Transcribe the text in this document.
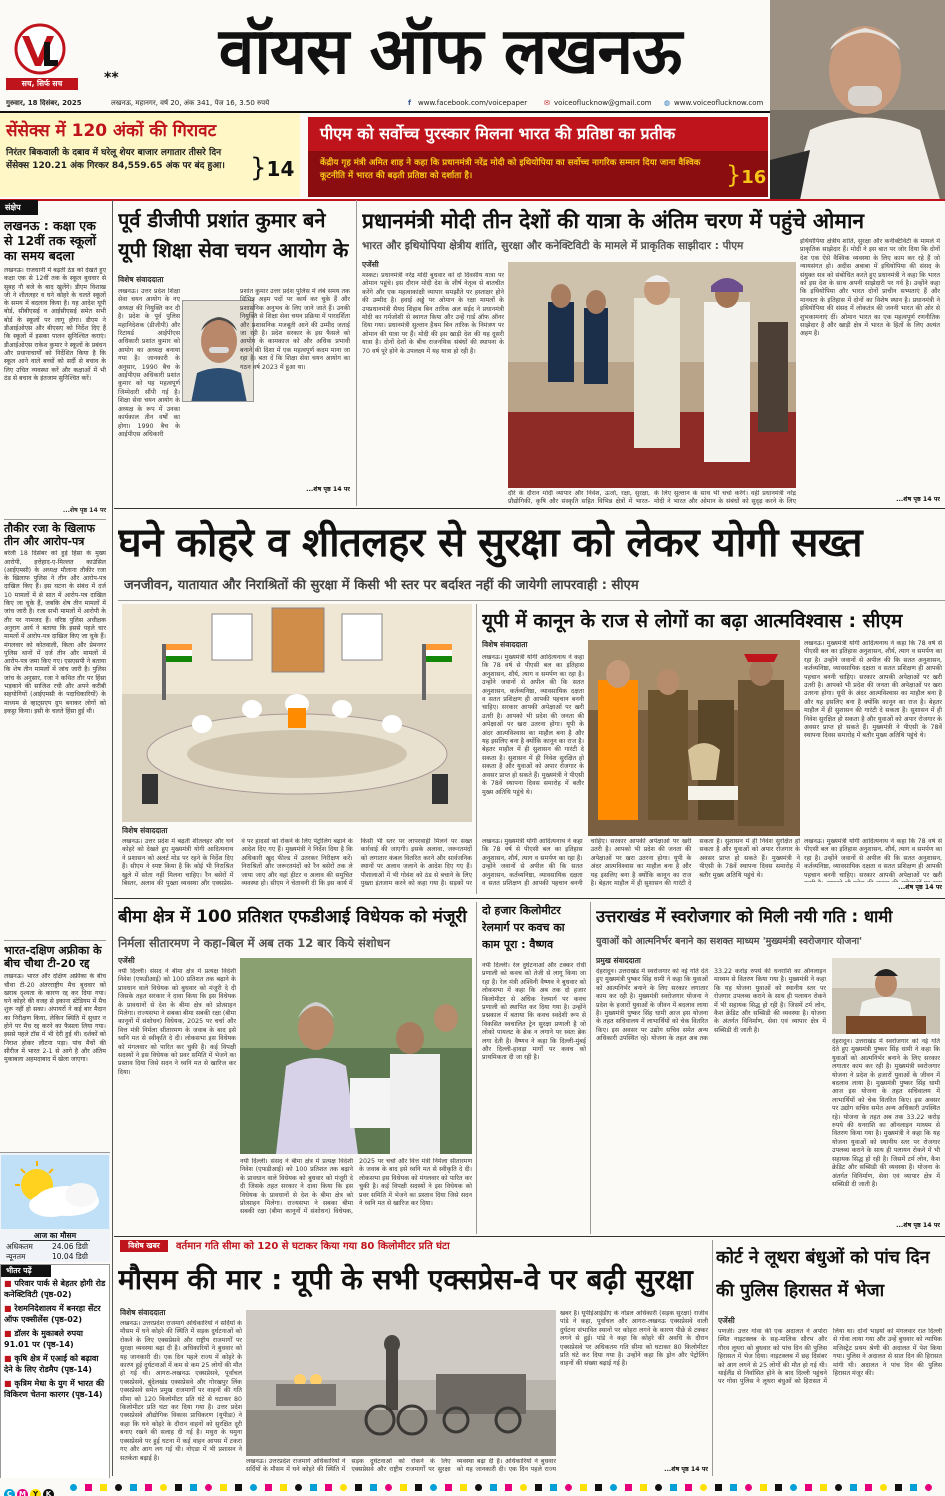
सच, सिर्फ सच	**	वॉयस ऑफ लखनऊ
गुरुवार, 18 दिसंबर, 2025	लखनऊ, महानगर, वर्ष 20, अंक 341, पेज 16, 3.50 रुपये	f www.facebook.com/voicepaper ✉ voiceoflucknow@gmail.com ◍ www.voiceoflucknow.com
सेंसेक्स में 120 अंकों की गिरावट
निरंतर बिकवाली के दबाव में घरेलू शेयर बाजार लगातार तीसरे दिन सेंसेक्स 120.21 अंक गिरकर 84,559.65 अंक पर बंद हुआ। }14
पीएम को सर्वोच्च पुरस्कार मिलना भारत की प्रतिष्ठा का प्रतीक
केंद्रीय गृह मंत्री अमित शाह ने कहा कि प्रधानमंत्री नरेंद्र मोदी को इथियोपिया का सर्वोच्च नागरिक सम्मान दिया जाना वैश्विक कूटनीति में भारत की बढ़ती प्रतिष्ठा को दर्शाता है।	}16
संक्षेप
लखनऊ : कक्षा एक से 12वीं तक स्कूलों का समय बदला
लखनऊ। राजधानी में बढ़ती ठंड को देखते हुए कक्षा एक से 12वीं तक के स्कूल बुधवार से सुबह नौ बजे के बाद खुलेंगे। डीएम विशाख जी ने शीतलहर व घने कोहरे के चलते स्कूलों के समय में बदलाव किया है। यह आदेश यूपी बोर्ड, सीबीएसई व आईसीएसई समेत सभी बोर्ड के स्कूलों पर लागू होगा। डीएम ने डीआईओएस और बीएसए को निर्देश दिए हैं कि स्कूलों में इसका पालन सुनिश्चित कराएं। डीआईओएस राकेश कुमार ने स्कूलों के प्रबंधन और प्रधानाचार्यों को निर्देशित किया है कि स्कूल आने वाले बच्चों को सर्दी से बचाव के लिए उचित व्यवस्था करें और कक्षाओं में भी ठंड से बचाव के इंतजाम सुनिश्चित करें।
...शेष पृष्ठ 14 पर
तौकीर रजा के खिलाफ तीन और आरोप-पत्र
बरेली 18 दिसंबर को हुई हिंसा के मुख्य आरोपी, इत्तेहाद-ए-मिल्लत काउंसिल (आईएमसी) के अध्यक्ष मौलाना तौकीर रजा के खिलाफ पुलिस ने तीन और आरोप-पत्र दाखिल किए हैं। इस घटना के संबंध में दर्ज 10 मामलों में से सात में आरोप-पत्र दाखिल किए जा चुके हैं, जबकि शेष तीन मामलों में जांच जारी है। रजा सभी मामलों में आरोपी के तौर पर नामजद हैं। वरिष्ठ पुलिस अधीक्षक अनुराग आर्य ने बताया कि इससे पहले चार मामलों में आरोप-पत्र दाखिल किए जा चुके हैं। मंगलवार को कोतवाली, किला और प्रेमनगर पुलिस थानों में दर्ज तीन और मामलों में आरोप-पत्र जमा किए गए। एसएसपी ने बताया कि शेष तीन मामलों में जांच जारी है। पुलिस जांच के अनुसार, रजा ने कथित तौर पर हिंसा भड़काने की साजिश रची और अपने करीबी सहयोगियों (आईएमसी के पदाधिकारियों) के माध्यम से व्हाट्सएप ग्रुप बनाकर लोगों को इकट्ठा किया। इसी के चलते हिंसा हुई थी।
भारत-दक्षिण अफ्रीका के बीच चौथा टी-20 रद्द
लखनऊ। भारत और दक्षिण अफ्रीका के बीच चौथा टी-20 अंतरराष्ट्रीय मैच बुधवार को खराब दृश्यता के कारण रद्द कर दिया गया। घने कोहरे की वजह से इकाना स्टेडियम में मैच शुरू नहीं हो सका। अंपायरों ने कई बार मैदान का निरीक्षण किया, लेकिन स्थिति में सुधार न होने पर मैच रद्द करने का फैसला लिया गया। इससे पहले टॉस में भी देरी हुई थी। दर्शकों को निराश होकर लौटना पड़ा। पांच मैचों की सीरीज में भारत 2-1 से आगे है और अंतिम मुकाबला अहमदाबाद में खेला जाएगा।
आज का मौसम
अधिकतम	24.06 डिग्री
न्यूनतम	10.04 डिग्री
भीतर पढ़ें
■ परिवार पार्क से बेहतर होगी रोड कनेक्टिविटी (पृष्ठ-02)
■ रेशमनिदेशालय में बनरहा सेंटर ऑफ एक्सीलेंस (पृष्ठ-02)
■ डॉलर के मुकाबले रुपया 91.01 पर (पृष्ठ-14)
■ कृषि क्षेत्र में एआई को बढ़ावा देने के लिए रोडमैप (पृष्ठ-14)
■ कृत्रिम मेधा के युग में भारत की विकिरण चेतना कारगर (पृष्ठ-14)
पूर्व डीजीपी प्रशांत कुमार बने यूपी शिक्षा सेवा चयन आयोग के
विशेष संवाददाता
लखनऊ। उत्तर प्रदेश शिक्षा सेवा चयन आयोग के नए अध्यक्ष की नियुक्ति कर दी है। प्रदेश के पूर्व पुलिस महानिदेशक (डीजीपी) और रिटायर्ड आईपीएस अधिकारी प्रशांत कुमार को आयोग का अध्यक्ष बनाया गया है। जानकारी के अनुसार, 1990 बैच के आईपीएस अधिकारी प्रशांत कुमार को यह महत्वपूर्ण जिम्मेदारी सौंपी गई है। शिक्षा सेवा चयन आयोग के अध्यक्ष के रूप में उनका कार्यकाल तीन वर्षों का होगा। 1990 बैच के आईपीएस अधिकारी
प्रशांत कुमार उत्तर प्रदेश पुलिस में लंबे समय तक विभिन्न अहम पदों पर कार्य कर चुके हैं और प्रशासनिक अनुभव के लिए जाने जाते हैं। उनकी नियुक्ति से शिक्षा सेवा चयन प्रक्रिया में पारदर्शिता और प्रशासनिक मजबूती आने की उम्मीद जताई जा रही है। प्रदेश सरकार के इस फैसले को आयोग के कामकाज को और अधिक प्रभावी बनाने की दिशा में एक महत्वपूर्ण कदम माना जा रहा है। बता दें कि शिक्षा सेवा चयन आयोग का गठन वर्ष 2023 में हुआ था।
...शेष पृष्ठ 14 पर
प्रधानमंत्री मोदी तीन देशों की यात्रा के अंतिम चरण में पहुंचे ओमान
भारत और इथियोपिया क्षेत्रीय शांति, सुरक्षा और कनेक्टिविटी के मामले में प्राकृतिक साझीदार : पीएम
एजेंसी
मस्कट। प्रधानमंत्री नरेंद्र मोदी बुधवार को दो दिवसीय यात्रा पर ओमान पहुंचे। इस दौरान मोदी देश के शीर्ष नेतृत्व से बातचीत करेंगे और एक महत्वाकांक्षी व्यापार समझौते पर हस्ताक्षर होने की उम्मीद है। हवाई अड्डे पर ओमान के रक्षा मामलों के उपप्रधानमंत्री सैयद शिहाब बिन तारिक अल सईद ने प्रधानमंत्री मोदी का गर्मजोशी से स्वागत किया और उन्हें गार्ड ऑफ ऑनर दिया गया। प्रधानमंत्री सुल्तान हैथम बिन तारिक के निमंत्रण पर ओमान की यात्रा पर हैं। मोदी की इस खाड़ी देश की यह दूसरी यात्रा है। दोनों देशों के बीच राजनयिक संबंधों की स्थापना के 70 वर्ष पूरे होने के उपलक्ष्य में यह यात्रा हो रही है।
दौरे के दौरान मोदी व्यापार और निवेश, ऊर्जा, रक्षा, सुरक्षा, प्रौद्योगिकी, कृषि और संस्कृति सहित विभिन्न क्षेत्रों में भारत-
के लिए सुल्तान के साथ भी चर्चा करेंगे। वहीं प्रधानमंत्री नरेंद्र मोदी ने भारत और ओमान के संबंधों को सुदृढ़ करने के लिए
इथियोपिया क्षेत्रीय शांति, सुरक्षा और कनेक्टिविटी के मामले में प्राकृतिक साझेदार हैं। मोदी ने इस बात पर जोर दिया कि दोनों देश एक ऐसे वैश्विक व्यवस्था के लिए काम कर रहे हैं जो न्यायसंगत हो। अदीस अबाबा में इथियोपिया की संसद के संयुक्त सत्र को संबोधित करते हुए प्रधानमंत्री ने कहा कि भारत को इस देश के साथ अपनी साझेदारी पर गर्व है। उन्होंने कहा कि इथियोपिया और भारत दोनों प्राचीन सभ्यताएं हैं और मानवता के इतिहास में दोनों का विशेष स्थान है। प्रधानमंत्री ने इथियोपिया की संसद में लोकतंत्र की जननी भारत की ओर से शुभकामनाएं दीं। ओमान भारत का एक महत्वपूर्ण रणनीतिक साझेदार है और खाड़ी क्षेत्र में भारत के हितों के लिए अत्यंत अहम है।
...शेष पृष्ठ 14 पर
घने कोहरे व शीतलहर से सुरक्षा को लेकर योगी सख्त
जनजीवन, यातायात और निराश्रितों की सुरक्षा में किसी भी स्तर पर बर्दाश्त नहीं की जायेगी लापरवाही : सीएम
विशेष संवाददाता
लखनऊ। उत्तर प्रदेश में बढ़ती शीतलहर और घने कोहरे को देखते हुए मुख्यमंत्री योगी आदित्यनाथ ने प्रशासन को अलर्ट मोड पर रहने के निर्देश दिए हैं। सीएम ने स्पष्ट किया है कि कोई भी निराश्रित खुले में सोता नहीं मिलना चाहिए। रैन बसेरों में बिस्तर, अलाव की पुख्ता व्यवस्था और एक्सप्रेस-वे पर हादसों को रोकने के लिए पेट्रोलिंग बढ़ाने के आदेश दिए गए हैं। मुख्यमंत्री ने निर्देश दिया है कि अधिकारी खुद फील्ड में उतरकर निरीक्षण करें। निराश्रितों और जरूरतमंदों को रैन बसेरों तक ले जाया जाए और वहां हीटर व अलाव की समुचित व्यवस्था हो। सीएम ने चेतावनी दी कि इस कार्य में किसी भी स्तर पर लापरवाही मिलने पर सख्त कार्रवाई की जाएगी। इसके अलावा, जरूरतमंदों को लगातार कंबल वितरित करने और सार्वजनिक स्थानों पर अलाव जलाने के आदेश दिए गए हैं। पौशालाओं में भी गोवंश को ठंड से बचाने के लिए पुख्ता इंतजाम करने को कहा गया है। सड़कों पर
यूपी में कानून के राज से लोगों का बढ़ा आत्मविश्वास : सीएम
विशेष संवाददाता
लखनऊ। मुख्यमंत्री योगी आदित्यनाथ ने कहा कि 78 वर्ष से पीएसी बल का इतिहास अनुशासन, शौर्य, त्याग व समर्पण का रहा है। उन्होंने जवानों से अपील की कि सतत अनुशासन, कर्तव्यनिष्ठा, व्यावसायिक दक्षता व सतत प्रशिक्षण ही आपकी पहचान बननी चाहिए। सरकार आपकी अपेक्षाओं पर खरी उतरी है। आपको भी प्रदेश की जनता की अपेक्षाओं पर खरा उतरना होगा। यूपी के अंदर आत्मविश्वास का माहौल बना है और यह इसलिए बना है क्योंकि कानून का राज है। बेहतर माहौल में ही सुशासन की गारंटी दे सकता है। सुशासन में ही निवेश सुरक्षित हो सकता है और युवाओं को अपार रोजगार के अवसर प्राप्त हो सकते हैं। मुख्यमंत्री ने पीएसी के 78वें स्थापना दिवस समारोह में बतौर मुख्य अतिथि पहुंचे थे।
लखनऊ। मुख्यमंत्री योगी आदित्यनाथ ने कहा कि 78 वर्ष से पीएसी बल का इतिहास अनुशासन, शौर्य, त्याग व समर्पण का रहा है। उन्होंने जवानों से अपील की कि सतत अनुशासन, कर्तव्यनिष्ठा, व्यावसायिक दक्षता व सतत प्रशिक्षण ही आपकी पहचान बननी चाहिए। सरकार आपकी अपेक्षाओं पर खरी उतरी है। आपको भी प्रदेश की जनता की अपेक्षाओं पर खरा उतरना होगा। यूपी के अंदर आत्मविश्वास का माहौल बना है और यह इसलिए बना है क्योंकि कानून का राज है। बेहतर माहौल में ही सुशासन की गारंटी दे सकता है। सुशासन में ही निवेश सुरक्षित हो सकता है और युवाओं को अपार रोजगार के अवसर प्राप्त हो सकते हैं। मुख्यमंत्री ने पीएसी के 78वें स्थापना दिवस समारोह में बतौर मुख्य अतिथि पहुंचे थे।
...शेष पृष्ठ 14 पर
लखनऊ। मुख्यमंत्री योगी आदित्यनाथ ने कहा कि 78 वर्ष से पीएसी बल का इतिहास अनुशासन, शौर्य, त्याग व समर्पण का रहा है। उन्होंने जवानों से अपील की कि सतत अनुशासन, कर्तव्यनिष्ठा, व्यावसायिक दक्षता व सतत प्रशिक्षण ही आपकी पहचान बननी चाहिए। सरकार आपकी अपेक्षाओं पर खरी उतरी है। आपको भी प्रदेश की जनता की अपेक्षाओं पर खरा उतरना होगा। यूपी के अंदर आत्मविश्वास का माहौल बना है और यह इसलिए बना है क्योंकि कानून का राज है। बेहतर माहौल में ही सुशासन की गारंटी दे सकता है। सुशासन में ही निवेश सुरक्षित हो सकता है और युवाओं को अपार रोजगार के अवसर प्राप्त हो सकते हैं। मुख्यमंत्री ने पीएसी के 78वें स्थापना दिवस समारोह में बतौर मुख्य अतिथि पहुंचे थे।
लखनऊ। मुख्यमंत्री योगी आदित्यनाथ ने कहा कि 78 वर्ष से पीएसी बल का इतिहास अनुशासन, शौर्य, त्याग व समर्पण का रहा है। उन्होंने जवानों से अपील की कि सतत अनुशासन, कर्तव्यनिष्ठा, व्यावसायिक दक्षता व सतत प्रशिक्षण ही आपकी पहचान बननी चाहिए। सरकार आपकी अपेक्षाओं पर खरी
बीमा क्षेत्र में 100 प्रतिशत एफडीआई विधेयक को मंजूरी
निर्मला सीतारमण ने कहा-बिल में अब तक 12 बार किये संशोधन
एजेंसी
नयी दिल्ली। संसद ने बीमा क्षेत्र में प्रत्यक्ष विदेशी निवेश (एफडीआई) को 100 प्रतिशत तक बढ़ाने के प्रावधान वाले विधेयक को बुधवार को मंजूरी दे दी जिसके तहत सरकार ने दावा किया कि इस विधेयक के प्रावधानों से देश के बीमा क्षेत्र को प्रोत्साहन मिलेगा। राज्यसभा ने सबका बीमा सबकी रक्षा (बीमा कानूनों में संशोधन) विधेयक, 2025 पर चर्चा और वित्त मंत्री निर्मला सीतारमण के जवाब के बाद इसे ध्वनि मत से स्वीकृति दे दी। लोकसभा इस विधेयक को मंगलवार को पारित कर चुकी है। कई विपक्षी सदस्यों ने इस विधेयक को प्रवर समिति में भेजने का प्रस्ताव दिया जिसे सदन ने ध्वनि मत से खारिज कर दिया।
नयी दिल्ली। संसद ने बीमा क्षेत्र में प्रत्यक्ष विदेशी निवेश (एफडीआई) को 100 प्रतिशत तक बढ़ाने के प्रावधान वाले विधेयक को बुधवार को मंजूरी दे दी जिसके तहत सरकार ने दावा किया कि इस विधेयक के प्रावधानों से देश के बीमा क्षेत्र को प्रोत्साहन मिलेगा। राज्यसभा ने सबका बीमा सबकी रक्षा (बीमा कानूनों में संशोधन) विधेयक, 2025 पर चर्चा और वित्त मंत्री निर्मला सीतारमण के जवाब के बाद इसे ध्वनि मत से स्वीकृति दे दी। लोकसभा इस विधेयक को मंगलवार को पारित कर चुकी है। कई विपक्षी सदस्यों ने इस विधेयक को प्रवर समिति में भेजने का प्रस्ताव दिया जिसे सदन ने ध्वनि मत से खारिज कर दिया।
दो हजार किलोमीटर रेलमार्ग पर कवच का काम पूरा : वैष्णव
नयी दिल्ली। रेल दुर्घटनाओं और टक्कर रोधी प्रणाली को कवच को तेजी से लागू किया जा रहा है। रेल मंत्री अश्विनी वैष्णव ने बुधवार को लोकसभा में कहा कि अब तक दो हजार किलोमीटर से अधिक रेलमार्ग पर कवच प्रणाली को स्थापित कर दिया गया है। उन्होंने प्रश्नकाल में बताया कि कवच स्वदेशी रूप से विकसित स्वचालित ट्रेन सुरक्षा प्रणाली है जो लोको पायलट के ब्रेक न लगाने पर स्वतः ब्रेक लगा देती है। वैष्णव ने कहा कि दिल्ली-मुंबई और दिल्ली-हावड़ा मार्गों पर कवच को प्राथमिकता दी जा रही है।
उत्तराखंड में स्वरोजगार को मिली नयी गति : धामी
युवाओं को आत्मनिर्भर बनाने का सशक्त माध्यम 'मुख्यमंत्री स्वरोजगार योजना'
प्रमुख संवाददाता
देहरादून। उत्तराखंड में स्वरोजगार को नई गति देते हुए मुख्यमंत्री पुष्कर सिंह धामी ने कहा कि युवाओं को आत्मनिर्भर बनाने के लिए सरकार लगातार काम कर रही है। मुख्यमंत्री स्वरोजगार योजना ने प्रदेश के हजारों युवाओं के जीवन में बदलाव लाया है। मुख्यमंत्री पुष्कर सिंह धामी आज इस योजना के तहत सचिवालय में लाभार्थियों को चेक वितरित किए। इस अवसर पर उद्योग सचिव समेत अन्य अधिकारी उपस्थित रहे। योजना के तहत अब तक 33.22 करोड़ रुपये की धनराशि का ऑनलाइन माध्यम से वितरण किया गया है। मुख्यमंत्री ने कहा कि यह योजना युवाओं को स्थानीय स्तर पर रोजगार उपलब्ध कराने के साथ ही पलायन रोकने में भी सहायक सिद्ध हो रही है। जिसमें टर्म लोन, कैश क्रेडिट और सब्सिडी की व्यवस्था है। योजना के अंतर्गत विनिर्माण, सेवा एवं व्यापार क्षेत्र में सब्सिडी दी जाती है।
देहरादून। उत्तराखंड में स्वरोजगार को नई गति देते हुए मुख्यमंत्री पुष्कर सिंह धामी ने कहा कि युवाओं को आत्मनिर्भर बनाने के लिए सरकार लगातार काम कर रही है। मुख्यमंत्री स्वरोजगार योजना ने प्रदेश के हजारों युवाओं के जीवन में बदलाव लाया है। मुख्यमंत्री पुष्कर सिंह धामी आज इस योजना के तहत सचिवालय में लाभार्थियों को चेक वितरित किए। इस अवसर पर उद्योग सचिव समेत अन्य अधिकारी उपस्थित रहे। योजना के तहत अब तक 33.22 करोड़ रुपये की धनराशि का ऑनलाइन माध्यम से वितरण किया गया है। मुख्यमंत्री ने कहा कि यह योजना युवाओं को स्थानीय स्तर पर रोजगार उपलब्ध कराने के साथ ही पलायन रोकने में भी सहायक सिद्ध हो रही है। जिसमें टर्म लोन, कैश क्रेडिट और सब्सिडी की व्यवस्था है। योजना के अंतर्गत विनिर्माण, सेवा एवं व्यापार क्षेत्र में सब्सिडी दी जाती है।
...शेष पृष्ठ 14 पर
विशेष खबर	वर्तमान गति सीमा को 120 से घटाकर किया गया 80 किलोमीटर प्रति घंटा
मौसम की मार : यूपी के सभी एक्सप्रेस-वे पर बढ़ी सुरक्षा
विशेष संवाददाता
लखनऊ। उत्तरप्रदेश राजमार्ग अधिकारियों ने सर्दियों के मौसम में घने कोहरे की स्थिति में सड़क दुर्घटनाओं को रोकने के लिए एक्सप्रेसवे और राष्ट्रीय राजमार्गों पर सुरक्षा व्यवस्था बढ़ा दी है। अधिकारियों ने बुधवार को यह जानकारी दी। एक दिन पहले राज्य में कोहरे के कारण हुई दुर्घटनाओं में कम से कम 25 लोगों की मौत हो गई थी। आगरा-लखनऊ एक्सप्रेसवे, पूर्वांचल एक्सप्रेसवे, बुंदेलखंड एक्सप्रेसवे और गोरखपुर लिंक एक्सप्रेसवे समेत प्रमुख राजमार्गों पर वाहनों की गति सीमा को 120 किलोमीटर प्रति घंटे से घटाकर 80 किलोमीटर प्रति घंटा कर दिया गया है। उत्तर प्रदेश एक्सप्रेसवे औद्योगिक विकास प्राधिकरण (यूपीडा) ने कहा कि घने कोहरे के दौरान वाहनों को सुरक्षित दूरी बनाए रखने की सलाह दी गई है। मथुरा के यमुना एक्सप्रेसवे पर हुई घटना में कई वाहन आपस में टकरा गए और आग लग गई थी। नोएडा में भी प्रशासन ने सतर्कता बढ़ाई है।	लखनऊ। उत्तरप्रदेश राजमार्ग अधिकारियों ने सर्दियों के मौसम में घने कोहरे की स्थिति में सड़क दुर्घटनाओं को रोकने के लिए एक्सप्रेसवे और राष्ट्रीय राजमार्गों पर सुरक्षा व्यवस्था बढ़ा दी है। अधिकारियों ने बुधवार को यह जानकारी दी। एक दिन पहले राज्य
खबर है। यूपीईआईडीए के नोडल अधिकारी (सड़क सुरक्षा) राजीव पांडे ने कहा, पूर्वांचल और आगरा-लखनऊ एक्सप्रेसवे वाली दुर्घटना संभावित स्थानों पर कोहरा लगने के कारण पीछे से टक्कर लगने से हुई। पांडे ने कहा कि कोहरे की अवधि के दौरान एक्सप्रेसवे पर अधिकतम गति सीमा को घटाकर 80 किलोमीटर प्रति घंटे कर दिया गया है। उन्होंने कहा कि ड्रोन और पेट्रोलिंग वाहनों की संख्या बढ़ाई गई है।
...शेष पृष्ठ 14 पर
कोर्ट ने लूथरा बंधुओं को पांच दिन की पुलिस हिरासत में भेजा
एजेंसी
पणजी। उत्तर गोवा की एक अदालत ने अर्पोरा स्थित नाइटक्लब के सह-मालिक सौरभ और गौरव लूथरा को बुधवार को पांच दिन की पुलिस हिरासत में भेज दिया। नाइटक्लब में छह दिसंबर को आग लगने से 25 लोगों की मौत हो गई थी। थाईलैंड से निर्वासित होने के बाद दिल्ली पहुंचने पर गोवा पुलिस ने लूथरा बंधुओं को हिरासत में लिया था। दोनों भाइयों को मंगलवार रात दिल्ली से गोवा लाया गया और उन्हें बुधवार को न्यायिक मजिस्ट्रेट प्रथम श्रेणी की अदालत में पेश किया गया। पुलिस ने अदालत से सात दिन की हिरासत मांगी थी। अदालत ने पांच दिन की पुलिस हिरासत मंजूर की।
C M Y K
